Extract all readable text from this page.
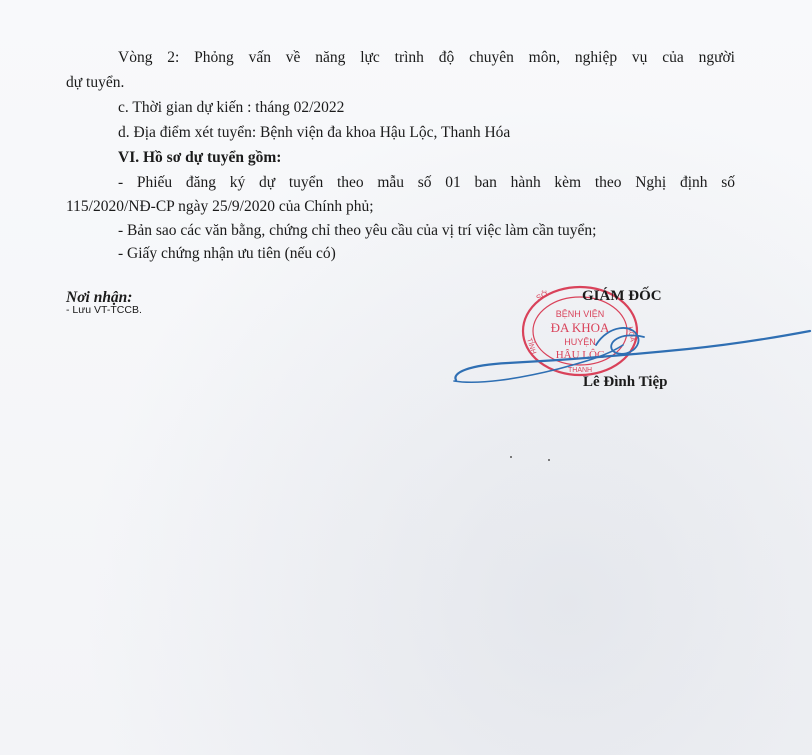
Vòng 2: Phỏng vấn về năng lực trình độ chuyên môn, nghiệp vụ của người
dự tuyển.
c. Thời gian dự kiến : tháng 02/2022
d. Địa điểm xét tuyển: Bệnh viện đa khoa Hậu Lộc, Thanh Hóa
VI. Hồ sơ dự tuyển gồm:
- Phiếu đăng ký dự tuyển theo mẫu số 01 ban hành kèm theo Nghị định số
115/2020/NĐ-CP ngày 25/9/2020 của Chính phủ;
- Bản sao các văn bằng, chứng chỉ theo yêu cầu của vị trí việc làm cần tuyển;
- Giấy chứng nhận ưu tiên (nếu có)
Nơi nhận:
- Lưu VT-TCCB.
SỞ
TỈNH
THANH
HÓA
BỆNH VIỆN
ĐA KHOA
HUYỆN
HẬU LỘC
GIÁM ĐỐC
Lê Đình Tiệp
